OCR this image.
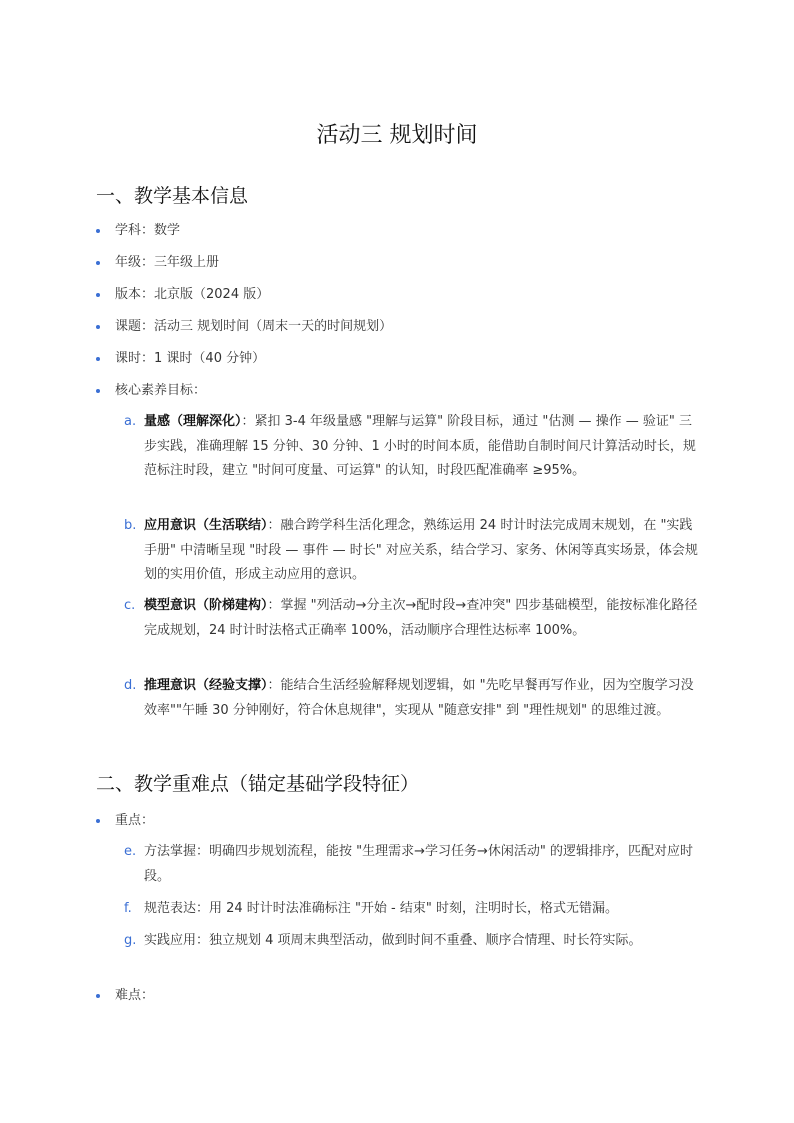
活动三 规划时间
一、教学基本信息
学科：数学
年级：三年级上册
版本：北京版（2024 版）
课题：活动三 规划时间（周末一天的时间规划）
课时：1 课时（40 分钟）
核心素养目标：
a. 量感（理解深化）：紧扣 3-4 年级量感 "理解与运算" 阶段目标，通过 "估测 — 操作 — 验证" 三步实践，准确理解 15 分钟、30 分钟、1 小时的时间本质，能借助自制时间尺计算活动时长，规范标注时段，建立 "时间可度量、可运算" 的认知，时段匹配准确率 ≥95%。
b. 应用意识（生活联结）：融合跨学科生活化理念，熟练运用 24 时计时法完成周末规划，在 "实践手册" 中清晰呈现 "时段 — 事件 — 时长" 对应关系，结合学习、家务、休闲等真实场景，体会规划的实用价值，形成主动应用的意识。
c. 模型意识（阶梯建构）：掌握 "列活动→分主次→配时段→查冲突" 四步基础模型，能按标准化路径完成规划，24 时计时法格式正确率 100%，活动顺序合理性达标率 100%。
d. 推理意识（经验支撑）：能结合生活经验解释规划逻辑，如 "先吃早餐再写作业，因为空腹学习没效率""午睡 30 分钟刚好，符合休息规律"，实现从 "随意安排" 到 "理性规划" 的思维过渡。
二、教学重难点（锚定基础学段特征）
重点：
e. 方法掌握：明确四步规划流程，能按 "生理需求→学习任务→休闲活动" 的逻辑排序，匹配对应时段。
f. 规范表达：用 24 时计时法准确标注 "开始 - 结束" 时刻，注明时长，格式无错漏。
g. 实践应用：独立规划 4 项周末典型活动，做到时间不重叠、顺序合情理、时长符实际。
难点：
